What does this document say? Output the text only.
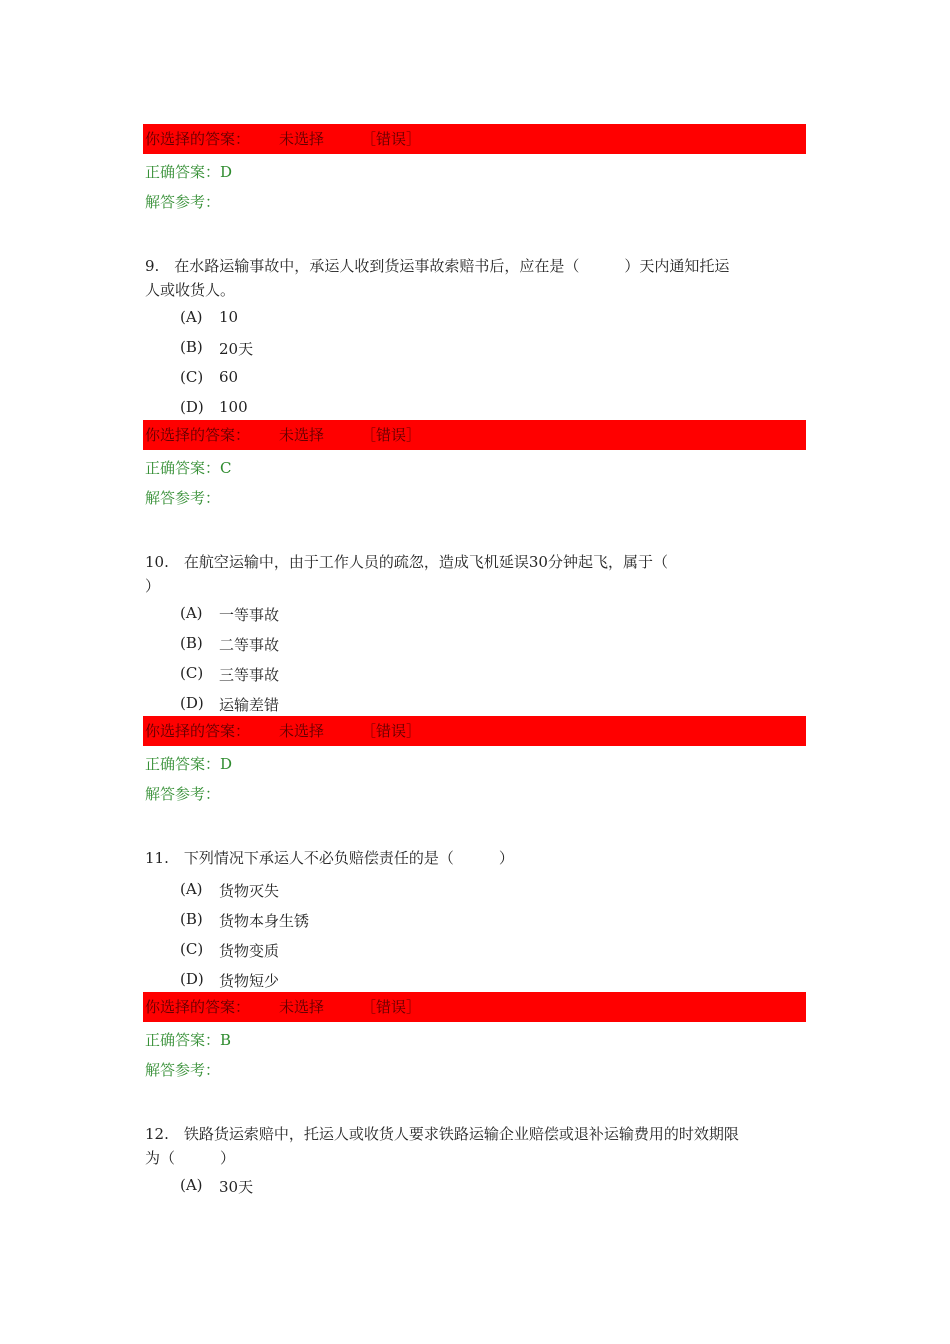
你选择的答案： 未选择 ［错误］
正确答案：D
解答参考：
9.　在水路运输事故中，承运人收到货运事故索赔书后，应在是（　　　）天内通知托运
人或收货人。
(A) 10
(B) 20天
(C) 60
(D) 100
你选择的答案： 未选择 ［错误］
正确答案：C
解答参考：
10.　在航空运输中，由于工作人员的疏忽，造成飞机延误30分钟起飞，属于（
）
(A) 一等事故
(B) 二等事故
(C) 三等事故
(D) 运输差错
你选择的答案： 未选择 ［错误］
正确答案：D
解答参考：
11.　下列情况下承运人不必负赔偿责任的是（　　　）
(A) 货物灭失
(B) 货物本身生锈
(C) 货物变质
(D) 货物短少
你选择的答案： 未选择 ［错误］
正确答案：B
解答参考：
12.　铁路货运索赔中，托运人或收货人要求铁路运输企业赔偿或退补运输费用的时效期限
为（　　　）
(A) 30天
